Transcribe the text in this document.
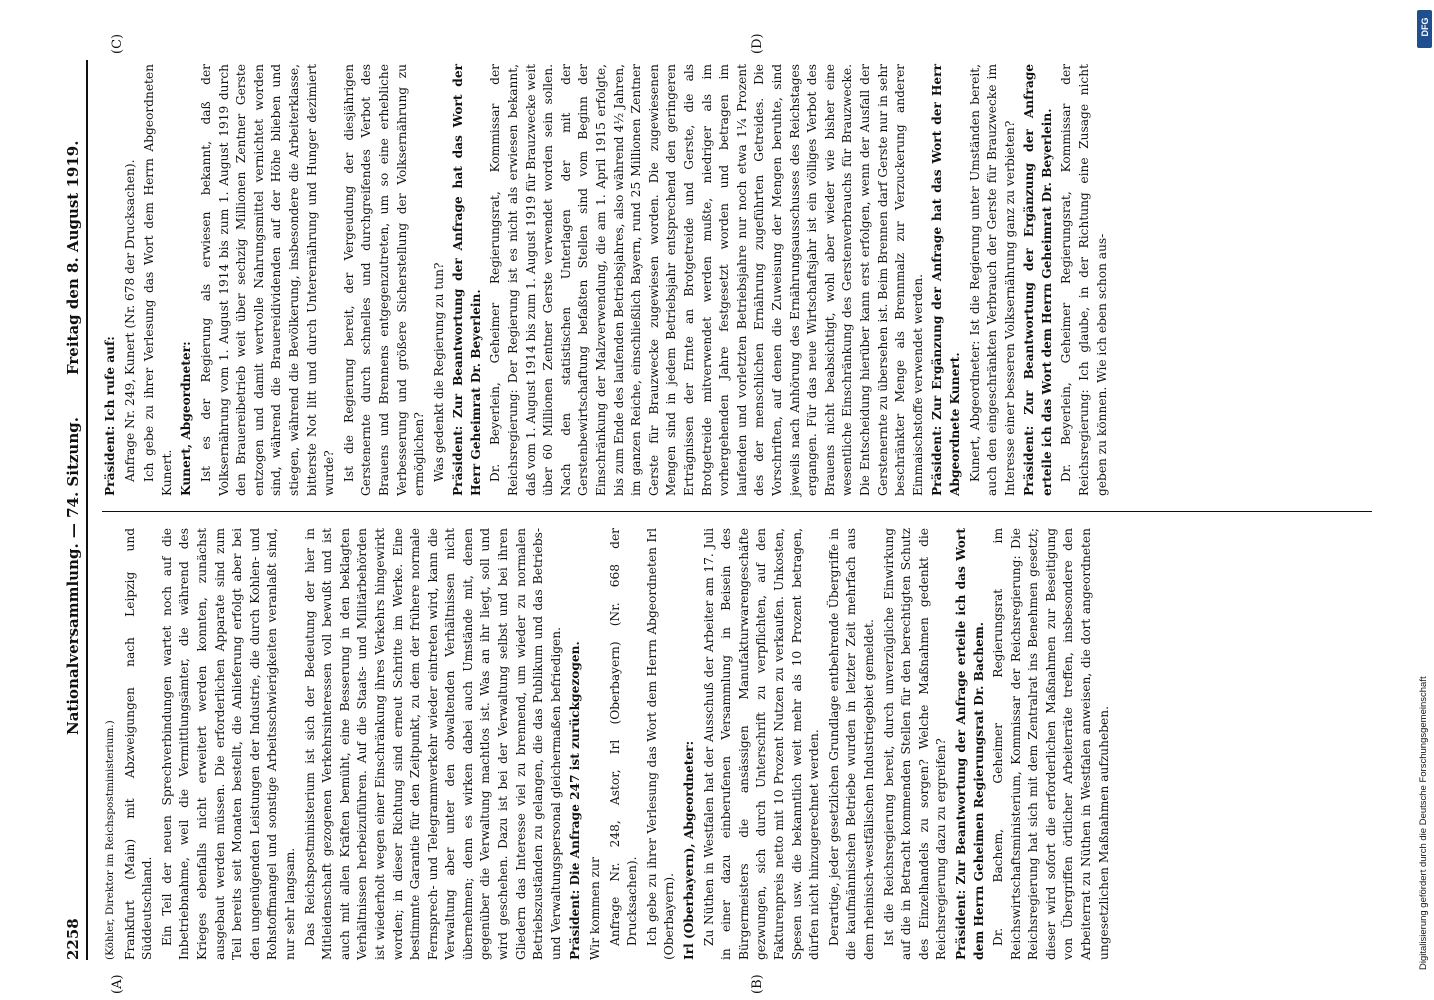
2258
Nationalversammlung. — 74. Sitzung.
Freitag den 8. August 1919.
(A)	(B)
(C)	(D)

(Köhler, Direktor im Reichspostministerium.) Frankfurt (Main) mit Abzweigungen nach Leipzig und Süddeutschland. Ein Teil der neuen Sprechverbindungen wartet noch auf die Inbetriebnahme, weil die Vermittlungsämter, die während des Krieges ebenfalls nicht erweitert werden konnten, zunächst ausgebaut werden müssen. Die erforderlichen Apparate sind zum Teil bereits seit Monaten bestellt, die Anlieferung erfolgt aber bei den ungenügenden Leistungen der Industrie, die durch Kohlen- und Rohstoffmangel und sonstige Arbeitsschwierigkeiten veranlaßt sind, nur sehr langsam. Das Reichspostministerium ist sich der Bedeutung der hier in Mitleidenschaft gezogenen Verkehrsinteressen voll bewußt und ist auch mit allen Kräften bemüht, eine Besserung in den beklagten Verhältnissen herbeizuführen. Auf die Staats- und Militärbehörden ist wiederholt wegen einer Einschränkung ihres Verkehrs hingewirkt worden; in dieser Richtung sind erneut Schritte im Werke. Eine bestimmte Garantie für den Zeitpunkt, zu dem der frühere normale Fernsprech- und Telegrammverkehr wieder eintreten wird, kann die Verwaltung aber unter den obwaltenden Verhältnissen nicht übernehmen; denn es wirken dabei auch Umstände mit, denen gegenüber die Verwaltung machtlos ist. Was an ihr liegt, soll und wird geschehen. Dazu ist bei der Verwaltung selbst und bei ihren Gliedern das Interesse viel zu brennend, um wieder zu normalen Betriebszuständen zu gelangen, die das Publikum und das Betriebs- und Verwaltungspersonal gleichermaßen befriedigen. Präsident: Die Anfrage 247 ist zurückgezogen. Wir kommen zur Anfrage Nr. 248, Astor, Irl (Oberbayern) (Nr. 668 der Drucksachen). Ich gebe zu ihrer Verlesung das Wort dem Herrn Abgeordneten Irl (Oberbayern). Irl (Oberbayern), Abgeordneter: Zu Nüthen in Westfalen hat der Ausschuß der Arbeiter am 17. Juli in einer dazu einberufenen Versammlung in Beisein des Bürgermeisters die ansässigen Manufakturwarengeschäfte gezwungen, sich durch Unterschrift zu verpflichten, auf den Fakturenpreis netto mit 10 Prozent Nutzen zu verkaufen. Unkosten, Spesen usw. die bekanntlich weit mehr als 10 Prozent betragen, dürfen nicht hinzugerechnet werden. Derartige, jeder gesetzlichen Grundlage entbehrende Übergriffe in die kaufmännischen Betriebe wurden in letzter Zeit mehrfach aus dem rheinisch-westfälischen Industriegebiet gemeldet. Ist die Reichsregierung bereit, durch unverzügliche Einwirkung auf die in Betracht kommenden Stellen für den berechtigten Schutz des Einzelhandels zu sorgen? Welche Maßnahmen gedenkt die Reichsregierung dazu zu ergreifen? Präsident: Zur Beantwortung der Anfrage erteile ich das Wort dem Herrn Geheimen Regierungsrat Dr. Bachem. Dr. Bachem, Geheimer Regierungsrat im Reichswirtschaftsministerium, Kommissar der Reichsregierung: Die Reichsregierung hat sich mit dem Zentralrat ins Benehmen gesetzt; dieser wird sofort die erforderlichen Maßnahmen zur Beseitigung von Übergriffen örtlicher Arbeiterräte treffen, insbesondere den Arbeiterrat zu Nüthen in Westfalen anweisen, die dort angeordneten ungesetzlichen Maßnahmen aufzuheben.

Präsident: Ich rufe auf: Anfrage Nr. 249, Kunert (Nr. 678 der Drucksachen). Ich gebe zu ihrer Verlesung das Wort dem Herrn Abgeordneten Kunert. Kunert, Abgeordneter: Ist es der Regierung als erwiesen bekannt, daß der Volksernährung vom 1. August 1914 bis zum 1. August 1919 durch den Brauereibetrieb weit über sechzig Millionen Zentner Gerste entzogen und damit wertvolle Nahrungsmittel vernichtet worden sind, während die Brauereidividenden auf der Höhe blieben und stiegen, während die Bevölkerung, insbesondere die Arbeiterklasse, bitterste Not litt und durch Unterernährung und Hunger dezimiert wurde? Ist die Regierung bereit, der Vergeudung der diesjährigen Gerstenernte durch schnelles und durchgreifendes Verbot des Brauens und Brennens entgegenzutreten, um so eine erhebliche Verbesserung und größere Sicherstellung der Volksernährung zu ermöglichen? Was gedenkt die Regierung zu tun? Präsident: Zur Beantwortung der Anfrage hat das Wort der Herr Geheimrat Dr. Beyerlein. Dr. Beyerlein, Geheimer Regierungsrat, Kommissar der Reichsregierung: Der Regierung ist es nicht als erwiesen bekannt, daß vom 1. August 1914 bis zum 1. August 1919 für Brauzwecke weit über 60 Millionen Zentner Gerste verwendet worden sein sollen. Nach den statistischen Unterlagen der mit der Gerstenbewirtschaftung befaßten Stellen sind vom Beginn der Einschränkung der Malzverwendung, die am 1. April 1915 erfolgte, bis zum Ende des laufenden Betriebsjahres, also während 4½ Jahren, im ganzen Reiche, einschließlich Bayern, rund 25 Millionen Zentner Gerste für Brauzwecke zugewiesen worden. Die zugewiesenen Mengen sind in jedem Betriebsjahr entsprechend den geringeren Erträgnissen der Ernte an Brotgetreide und Gerste, die als Brotgetreide mitverwendet werden mußte, niedriger als im vorhergehenden Jahre festgesetzt worden und betragen im laufenden und vorletzten Betriebsjahre nur noch etwa 1¼ Prozent des der menschlichen Ernährung zugeführten Getreides. Die Vorschriften, auf denen die Zuweisung der Mengen beruhte, sind jeweils nach Anhörung des Ernährungsausschusses des Reichstages ergangen. Für das neue Wirtschaftsjahr ist ein völliges Verbot des Brauens nicht beabsichtigt, wohl aber wieder wie bisher eine wesentliche Einschränkung des Gerstenverbrauchs für Brauzwecke. Die Entscheidung hierüber kann erst erfolgen, wenn der Ausfall der Gerstenernte zu übersehen ist. Beim Brennen darf Gerste nur in sehr beschränkter Menge als Brennmalz zur Verzuckerung anderer Einmaischstoffe verwendet werden. Präsident: Zur Ergänzung der Anfrage hat das Wort der Herr Abgeordnete Kunert. Kunert, Abgeordneter: Ist die Regierung unter Umständen bereit, auch den eingeschränkten Verbrauch der Gerste für Brauzwecke im Interesse einer besseren Volksernährung ganz zu verbieten? Präsident: Zur Beantwortung der Ergänzung der Anfrage erteile ich das Wort dem Herrn Geheimrat Dr. Beyerlein. Dr. Beyerlein, Geheimer Regierungsrat, Kommissar der Reichsregierung: Ich glaube, in der Richtung eine Zusage nicht geben zu können. Wie ich eben schon aus-

Digitalisierung gefördert durch die Deutsche Forschungsgemeinschaft
DFG
